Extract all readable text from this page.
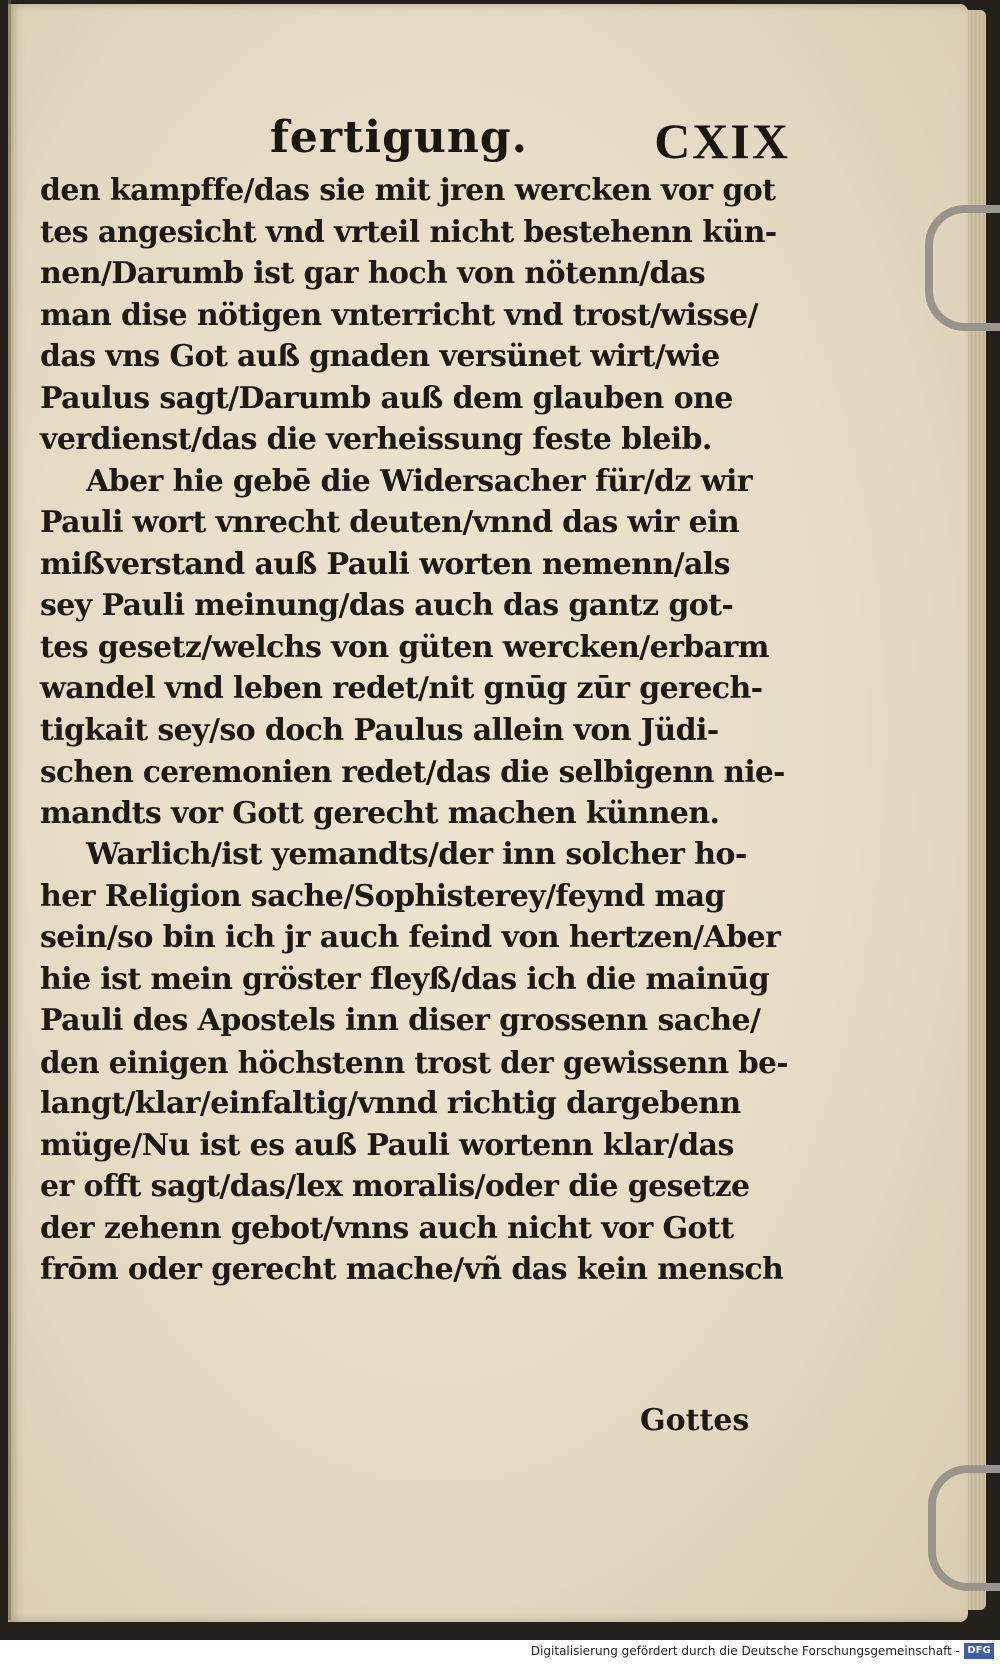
fertigung.	CXIX
den kampffe/das sie mit jren wercken vor got
tes angesicht vnd vrteil nicht bestehenn kün-
nen/Darumb ist gar hoch von nötenn/das
man dise nötigen vnterricht vnd trost/wisse/
das vns Got auß gnaden versünet wirt/wie
Paulus sagt/Darumb auß dem glauben one
verdienst/das die verheissung feste bleib.
Aber hie gebē die Widersacher für/dz wir
Pauli wort vnrecht deuten/vnnd das wir ein
mißverstand auß Pauli worten nemenn/als
sey Pauli meinung/das auch das gantz got-
tes gesetz/welchs von güten wercken/erbarm
wandel vnd leben redet/nit gnūg zūr gerech-
tigkait sey/so doch Paulus allein von Jüdi-
schen ceremonien redet/das die selbigenn nie-
mandts vor Gott gerecht machen künnen.
Warlich/ist yemandts/der inn solcher ho-
her Religion sache/Sophisterey/feynd mag
sein/so bin ich jr auch feind von hertzen/Aber
hie ist mein gröster fleyß/das ich die mainūg
Pauli des Apostels inn diser grossenn sache/
den einigen höchstenn trost der gewissenn be-
langt/klar/einfaltig/vnnd richtig dargebenn
müge/Nu ist es auß Pauli wortenn klar/das
er offt sagt/das/lex moralis/oder die gesetze
der zehenn gebot/vnns auch nicht vor Gott
frōm oder gerecht mache/vñ das kein mensch
Gottes
Digitalisierung gefördert durch die Deutsche Forschungsgemeinschaft - DFG
